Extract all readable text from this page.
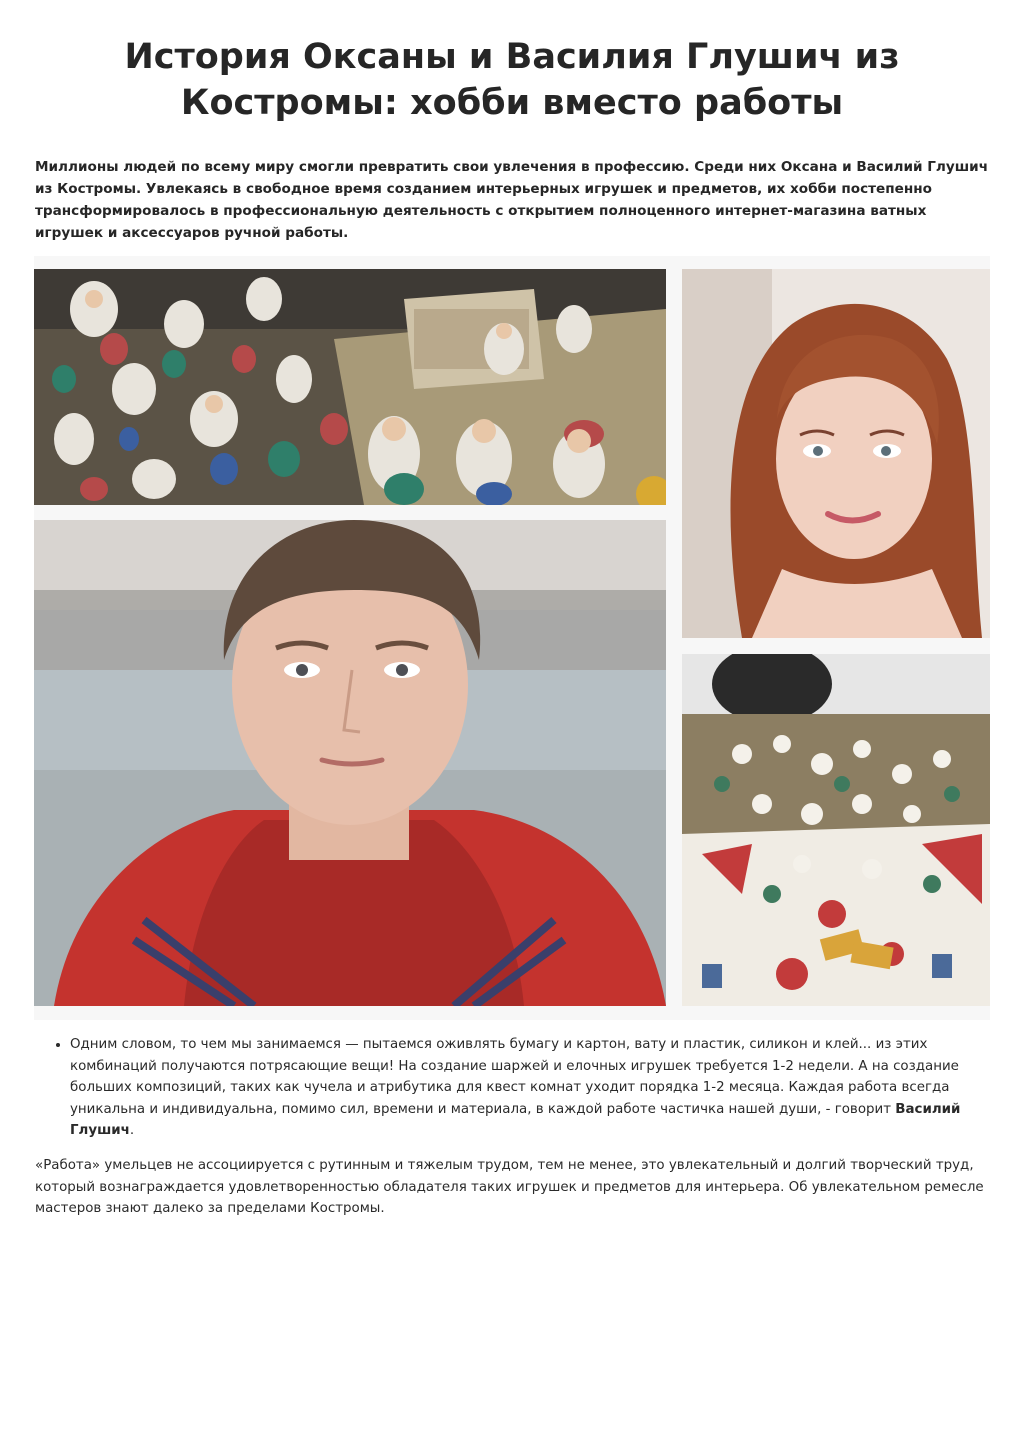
История Оксаны и Василия Глушич из Костромы: хобби вместо работы

Миллионы людей по всему миру смогли превратить свои увлечения в профессию. Среди них Оксана и Василий Глушич из Костромы. Увлекаясь в свободное время созданием интерьерных игрушек и предметов, их хобби постепенно трансформировалось в профессиональную деятельность с открытием полноценного интернет-магазина ватных игрушек и аксессуаров ручной работы.

• Одним словом, то чем мы занимаемся — пытаемся оживлять бумагу и картон, вату и пластик, силикон и клей... из этих комбинаций получаются потрясающие вещи! На создание шаржей и елочных игрушек требуется 1-2 недели. А на создание больших композиций, таких как чучела и атрибутика для квест комнат уходит порядка 1-2 месяца. Каждая работа всегда уникальна и индивидуальна, помимо сил, времени и материала, в каждой работе частичка нашей души, - говорит Василий Глушич.

«Работа» умельцев не ассоциируется с рутинным и тяжелым трудом, тем не менее, это увлекательный и долгий творческий труд, который вознаграждается удовлетворенностью обладателя таких игрушек и предметов для интерьера. Об увлекательном ремесле мастеров знают далеко за пределами Костромы.
